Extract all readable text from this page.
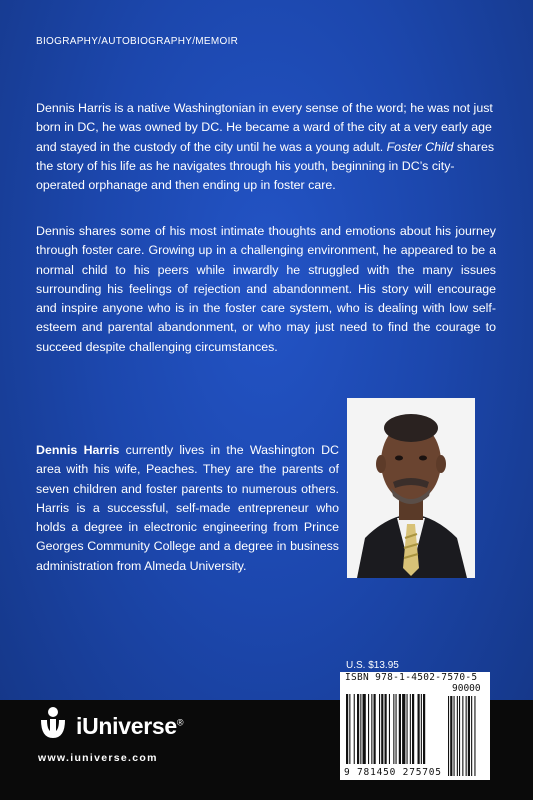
BIOGRAPHY/AUTOBIOGRAPHY/MEMOIR

Dennis Harris is a native Washingtonian in every sense of the word; he was not just born in DC, he was owned by DC. He became a ward of the city at a very early age and stayed in the custody of the city until he was a young adult. Foster Child shares the story of his life as he navigates through his youth, beginning in DC’s city-operated orphanage and then ending up in foster care.

Dennis shares some of his most intimate thoughts and emotions about his journey through foster care. Growing up in a challenging environment, he appeared to be a normal child to his peers while inwardly he struggled with the many issues surrounding his feelings of rejection and abandonment. His story will encourage and inspire anyone who is in the foster care system, who is dealing with low self-esteem and parental abandonment, or who may just need to find the courage to succeed despite challenging circumstances.

Dennis Harris currently lives in the Washington DC area with his wife, Peaches. They are the parents of seven children and foster parents to numerous others. Harris is a successful, self-made entrepreneur who holds a degree in electronic engineering from Prince Georges Community College and a degree in business administration from Almeda University.

iUniverse®
www.iuniverse.com
U.S. $13.95
ISBN 978-1-4502-7570-5
90000
9 781450 275705
